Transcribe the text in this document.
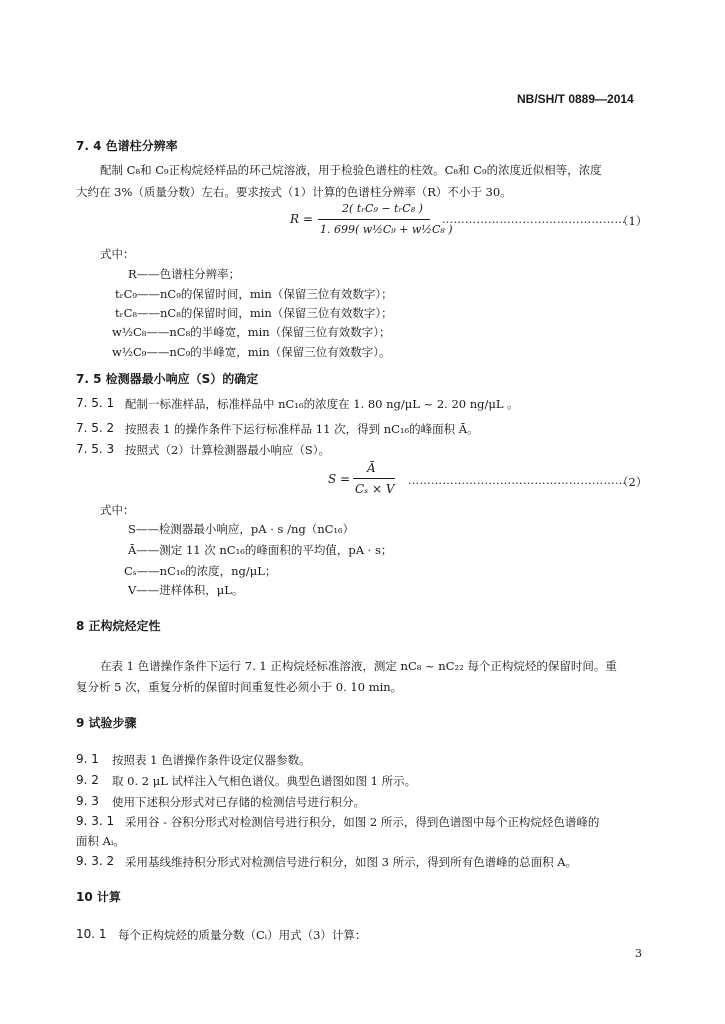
NB/SH/T 0889—2014
7. 4 色谱柱分辨率
配制 C₈和 C₉正构烷烃样品的环己烷溶液，用于检验色谱柱的柱效。C₈和 C₉的浓度近似相等，浓度
大约在 3%（质量分数）左右。要求按式（1）计算的色谱柱分辨率（R）不小于 30。
R =
2( tᵣC₉ − tᵣC₈ )
1. 699( w½C₉ + w½C₈ )
…………………………………………
（1）
式中：
R——色谱柱分辨率；
tᵣC₉——nC₉的保留时间，min（保留三位有效数字）；
tᵣC₈——nC₈的保留时间，min（保留三位有效数字）；
w½C₈——nC₈的半峰宽，min（保留三位有效数字）；
w½C₉——nC₉的半峰宽，min（保留三位有效数字）。
7. 5 检测器最小响应（S）的确定
7. 5. 1 配制一标准样品，标准样品中 nC₁₆的浓度在 1. 80 ng/μL ~ 2. 20 ng/μL 。
7. 5. 2 按照表 1 的操作条件下运行标准样品 11 次，得到 nC₁₆的峰面积 Ā。
7. 5. 3 按照式（2）计算检测器最小响应（S）。
S =
Ā
Cₛ × V
…………………………………………………
（2）
式中：
S——检测器最小响应，pA · s /ng（nC₁₆）
Ā——测定 11 次 nC₁₆的峰面积的平均值，pA · s；
Cₛ——nC₁₆的浓度，ng/μL；
V——进样体积，μL。
8 正构烷烃定性
在表 1 色谱操作条件下运行 7. 1 正构烷烃标准溶液，测定 nC₈ ~ nC₂₂ 每个正构烷烃的保留时间。重
复分析 5 次，重复分析的保留时间重复性必须小于 0. 10 min。
9 试验步骤
9. 1 按照表 1 色谱操作条件设定仪器参数。
9. 2 取 0. 2 μL 试样注入气相色谱仪。典型色谱图如图 1 所示。
9. 3 使用下述积分形式对已存储的检测信号进行积分。
9. 3. 1 采用谷 - 谷积分形式对检测信号进行积分，如图 2 所示，得到色谱图中每个正构烷烃色谱峰的
面积 Aᵢ。
9. 3. 2 采用基线维持积分形式对检测信号进行积分，如图 3 所示，得到所有色谱峰的总面积 A。
10 计算
10. 1 每个正构烷烃的质量分数（Cᵢ）用式（3）计算：
3
